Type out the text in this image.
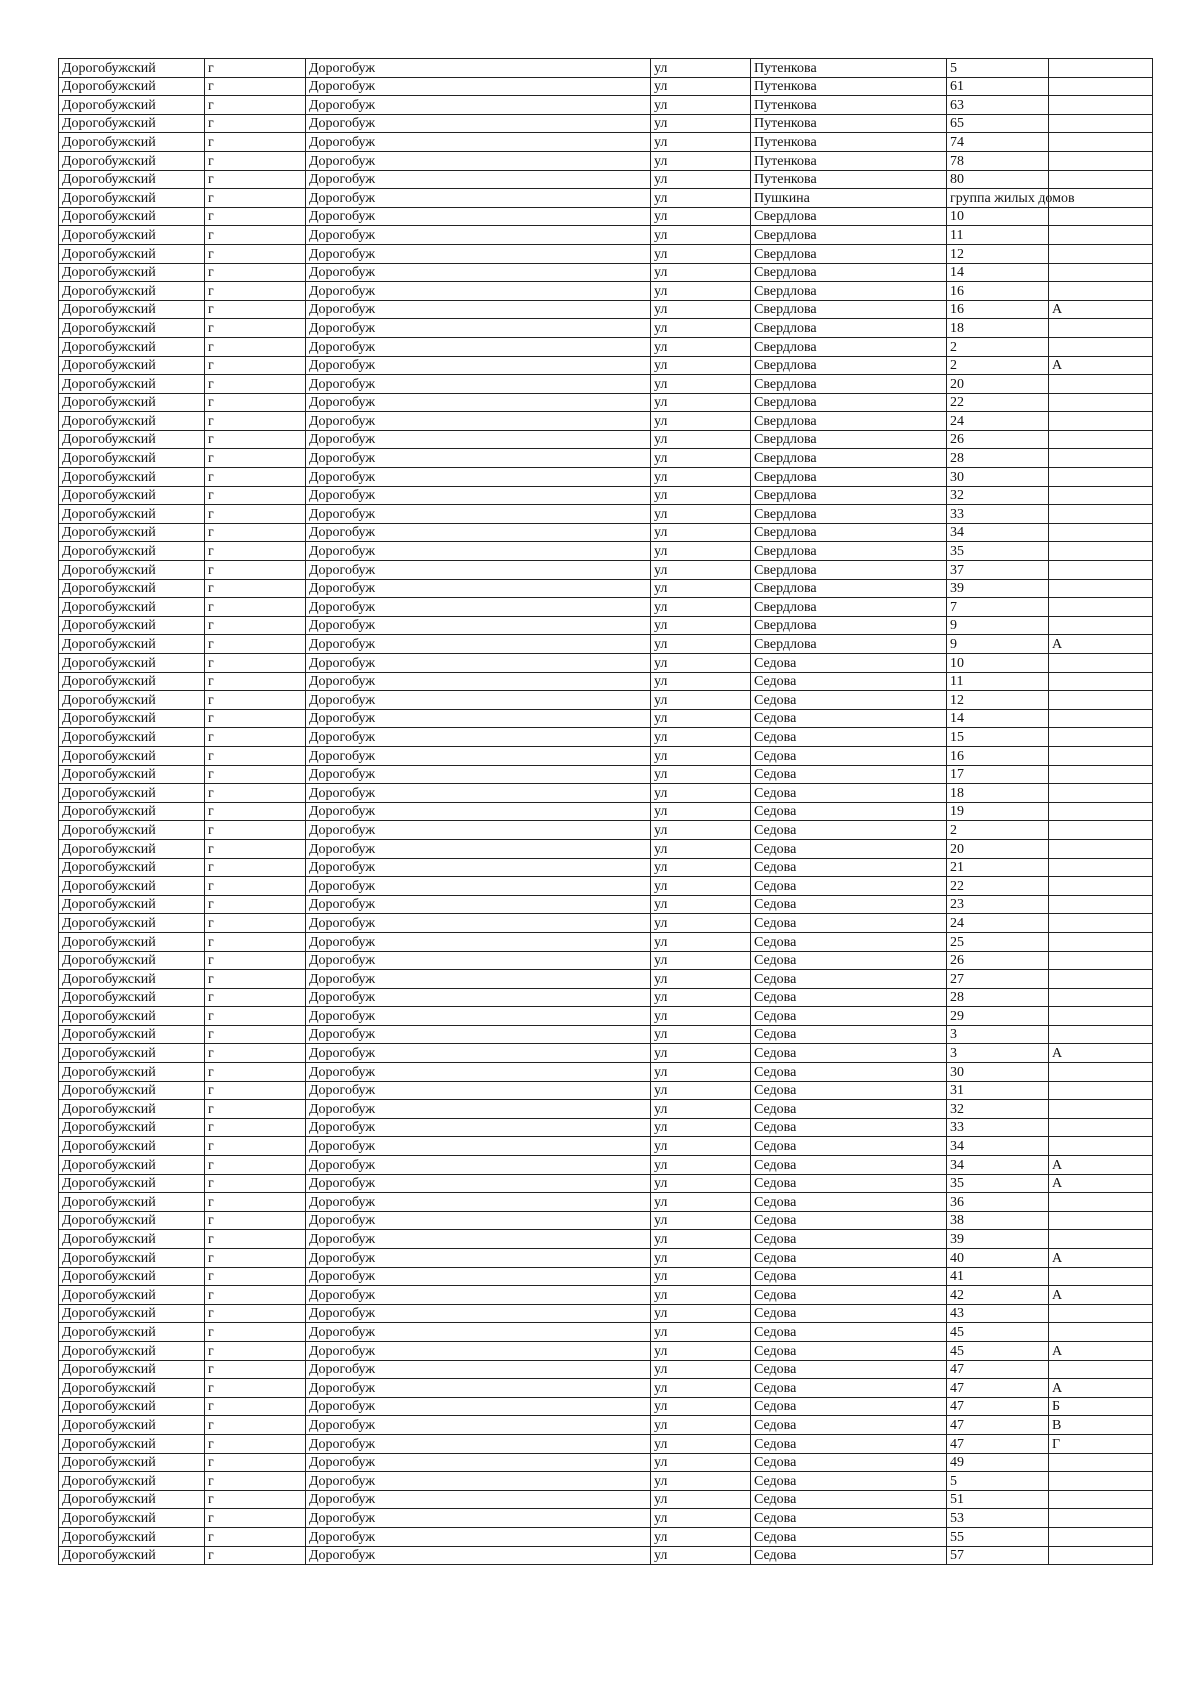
Дорогобужский	г	Дорогобуж	ул	Путенкова	5	
Дорогобужский	г	Дорогобуж	ул	Путенкова	61	
Дорогобужский	г	Дорогобуж	ул	Путенкова	63	
Дорогобужский	г	Дорогобуж	ул	Путенкова	65	
Дорогобужский	г	Дорогобуж	ул	Путенкова	74	
Дорогобужский	г	Дорогобуж	ул	Путенкова	78	
Дорогобужский	г	Дорогобуж	ул	Путенкова	80	
Дорогобужский	г	Дорогобуж	ул	Пушкина	группа жилых домов	
Дорогобужский	г	Дорогобуж	ул	Свердлова	10	
Дорогобужский	г	Дорогобуж	ул	Свердлова	11	
Дорогобужский	г	Дорогобуж	ул	Свердлова	12	
Дорогобужский	г	Дорогобуж	ул	Свердлова	14	
Дорогобужский	г	Дорогобуж	ул	Свердлова	16	
Дорогобужский	г	Дорогобуж	ул	Свердлова	16	А
Дорогобужский	г	Дорогобуж	ул	Свердлова	18	
Дорогобужский	г	Дорогобуж	ул	Свердлова	2	
Дорогобужский	г	Дорогобуж	ул	Свердлова	2	А
Дорогобужский	г	Дорогобуж	ул	Свердлова	20	
Дорогобужский	г	Дорогобуж	ул	Свердлова	22	
Дорогобужский	г	Дорогобуж	ул	Свердлова	24	
Дорогобужский	г	Дорогобуж	ул	Свердлова	26	
Дорогобужский	г	Дорогобуж	ул	Свердлова	28	
Дорогобужский	г	Дорогобуж	ул	Свердлова	30	
Дорогобужский	г	Дорогобуж	ул	Свердлова	32	
Дорогобужский	г	Дорогобуж	ул	Свердлова	33	
Дорогобужский	г	Дорогобуж	ул	Свердлова	34	
Дорогобужский	г	Дорогобуж	ул	Свердлова	35	
Дорогобужский	г	Дорогобуж	ул	Свердлова	37	
Дорогобужский	г	Дорогобуж	ул	Свердлова	39	
Дорогобужский	г	Дорогобуж	ул	Свердлова	7	
Дорогобужский	г	Дорогобуж	ул	Свердлова	9	
Дорогобужский	г	Дорогобуж	ул	Свердлова	9	А
Дорогобужский	г	Дорогобуж	ул	Седова	10	
Дорогобужский	г	Дорогобуж	ул	Седова	11	
Дорогобужский	г	Дорогобуж	ул	Седова	12	
Дорогобужский	г	Дорогобуж	ул	Седова	14	
Дорогобужский	г	Дорогобуж	ул	Седова	15	
Дорогобужский	г	Дорогобуж	ул	Седова	16	
Дорогобужский	г	Дорогобуж	ул	Седова	17	
Дорогобужский	г	Дорогобуж	ул	Седова	18	
Дорогобужский	г	Дорогобуж	ул	Седова	19	
Дорогобужский	г	Дорогобуж	ул	Седова	2	
Дорогобужский	г	Дорогобуж	ул	Седова	20	
Дорогобужский	г	Дорогобуж	ул	Седова	21	
Дорогобужский	г	Дорогобуж	ул	Седова	22	
Дорогобужский	г	Дорогобуж	ул	Седова	23	
Дорогобужский	г	Дорогобуж	ул	Седова	24	
Дорогобужский	г	Дорогобуж	ул	Седова	25	
Дорогобужский	г	Дорогобуж	ул	Седова	26	
Дорогобужский	г	Дорогобуж	ул	Седова	27	
Дорогобужский	г	Дорогобуж	ул	Седова	28	
Дорогобужский	г	Дорогобуж	ул	Седова	29	
Дорогобужский	г	Дорогобуж	ул	Седова	3	
Дорогобужский	г	Дорогобуж	ул	Седова	3	А
Дорогобужский	г	Дорогобуж	ул	Седова	30	
Дорогобужский	г	Дорогобуж	ул	Седова	31	
Дорогобужский	г	Дорогобуж	ул	Седова	32	
Дорогобужский	г	Дорогобуж	ул	Седова	33	
Дорогобужский	г	Дорогобуж	ул	Седова	34	
Дорогобужский	г	Дорогобуж	ул	Седова	34	А
Дорогобужский	г	Дорогобуж	ул	Седова	35	А
Дорогобужский	г	Дорогобуж	ул	Седова	36	
Дорогобужский	г	Дорогобуж	ул	Седова	38	
Дорогобужский	г	Дорогобуж	ул	Седова	39	
Дорогобужский	г	Дорогобуж	ул	Седова	40	А
Дорогобужский	г	Дорогобуж	ул	Седова	41	
Дорогобужский	г	Дорогобуж	ул	Седова	42	А
Дорогобужский	г	Дорогобуж	ул	Седова	43	
Дорогобужский	г	Дорогобуж	ул	Седова	45	
Дорогобужский	г	Дорогобуж	ул	Седова	45	А
Дорогобужский	г	Дорогобуж	ул	Седова	47	
Дорогобужский	г	Дорогобуж	ул	Седова	47	А
Дорогобужский	г	Дорогобуж	ул	Седова	47	Б
Дорогобужский	г	Дорогобуж	ул	Седова	47	В
Дорогобужский	г	Дорогобуж	ул	Седова	47	Г
Дорогобужский	г	Дорогобуж	ул	Седова	49	
Дорогобужский	г	Дорогобуж	ул	Седова	5	
Дорогобужский	г	Дорогобуж	ул	Седова	51	
Дорогобужский	г	Дорогобуж	ул	Седова	53	
Дорогобужский	г	Дорогобуж	ул	Седова	55	
Дорогобужский	г	Дорогобуж	ул	Седова	57	
